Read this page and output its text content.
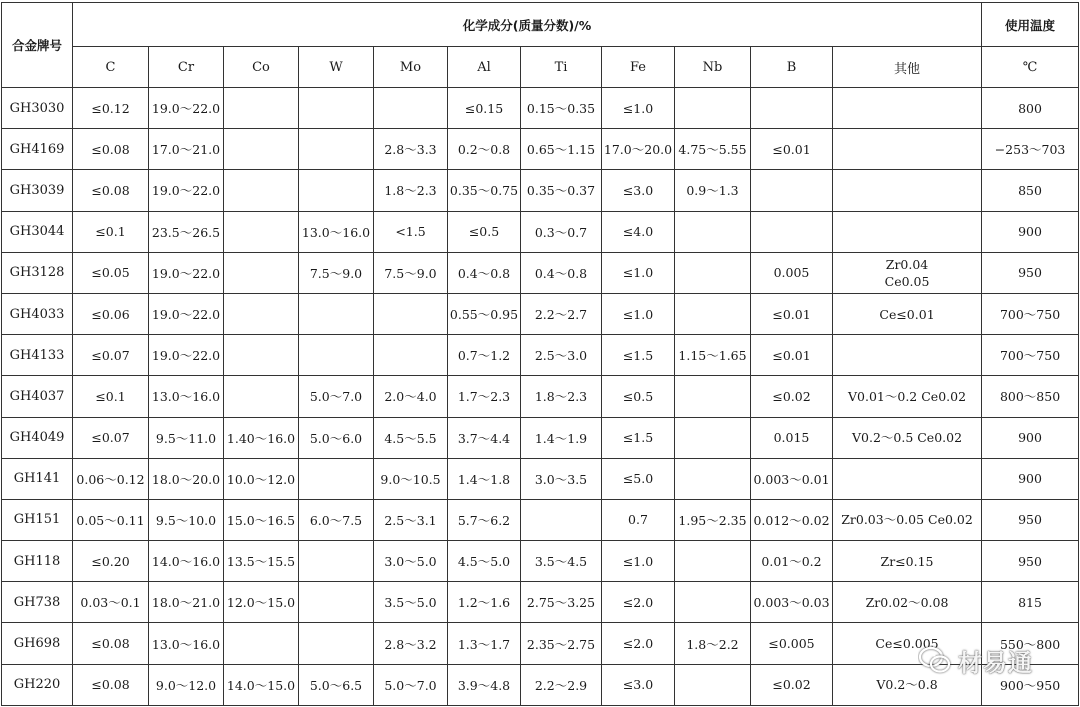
合金牌号	化学成分(质量分数)/%											使用温度
	C	Cr	Co	W	Mo	Al	Ti	Fe	Nb	B	其他	℃
GH3030	≤0.12	19.0～22.0				≤0.15	0.15～0.35	≤1.0				800
GH4169	≤0.08	17.0～21.0			2.8～3.3	0.2～0.8	0.65～1.15	17.0～20.0	4.75～5.55	≤0.01		−253～703
GH3039	≤0.08	19.0～22.0			1.8～2.3	0.35～0.75	0.35～0.37	≤3.0	0.9～1.3			850
GH3044	≤0.1	23.5～26.5		13.0～16.0	<1.5	≤0.5	0.3～0.7	≤4.0				900
GH3128	≤0.05	19.0～22.0		7.5～9.0	7.5～9.0	0.4～0.8	0.4～0.8	≤1.0		0.005	Zr0.04
Ce0.05	950
GH4033	≤0.06	19.0～22.0				0.55～0.95	2.2～2.7	≤1.0		≤0.01	Ce≤0.01	700～750
GH4133	≤0.07	19.0～22.0				0.7～1.2	2.5～3.0	≤1.5	1.15～1.65	≤0.01		700～750
GH4037	≤0.1	13.0～16.0		5.0～7.0	2.0～4.0	1.7～2.3	1.8～2.3	≤0.5		≤0.02	V0.01～0.2 Ce0.02	800～850
GH4049	≤0.07	9.5～11.0	1.40～16.0	5.0～6.0	4.5～5.5	3.7～4.4	1.4～1.9	≤1.5		0.015	V0.2～0.5 Ce0.02	900
GH141	0.06～0.12	18.0～20.0	10.0～12.0		9.0～10.5	1.4～1.8	3.0～3.5	≤5.0		0.003～0.01		900
GH151	0.05～0.11	9.5～10.0	15.0～16.5	6.0～7.5	2.5～3.1	5.7～6.2		0.7	1.95～2.35	0.012～0.02	Zr0.03～0.05 Ce0.02	950
GH118	≤0.20	14.0～16.0	13.5～15.5		3.0～5.0	4.5～5.0	3.5～4.5	≤1.0		0.01～0.2	Zr≤0.15	950
GH738	0.03～0.1	18.0～21.0	12.0～15.0		3.5～5.0	1.2～1.6	2.75～3.25	≤2.0		0.003～0.03	Zr0.02～0.08	815
GH698	≤0.08	13.0～16.0			2.8～3.2	1.3～1.7	2.35～2.75	≤2.0	1.8～2.2	≤0.005	Ce≤0.005	550～800
GH220	≤0.08	9.0～12.0	14.0～15.0	5.0～6.5	5.0～7.0	3.9～4.8	2.2～2.9	≤3.0		≤0.02	V0.2～0.8	900～950
材易通
